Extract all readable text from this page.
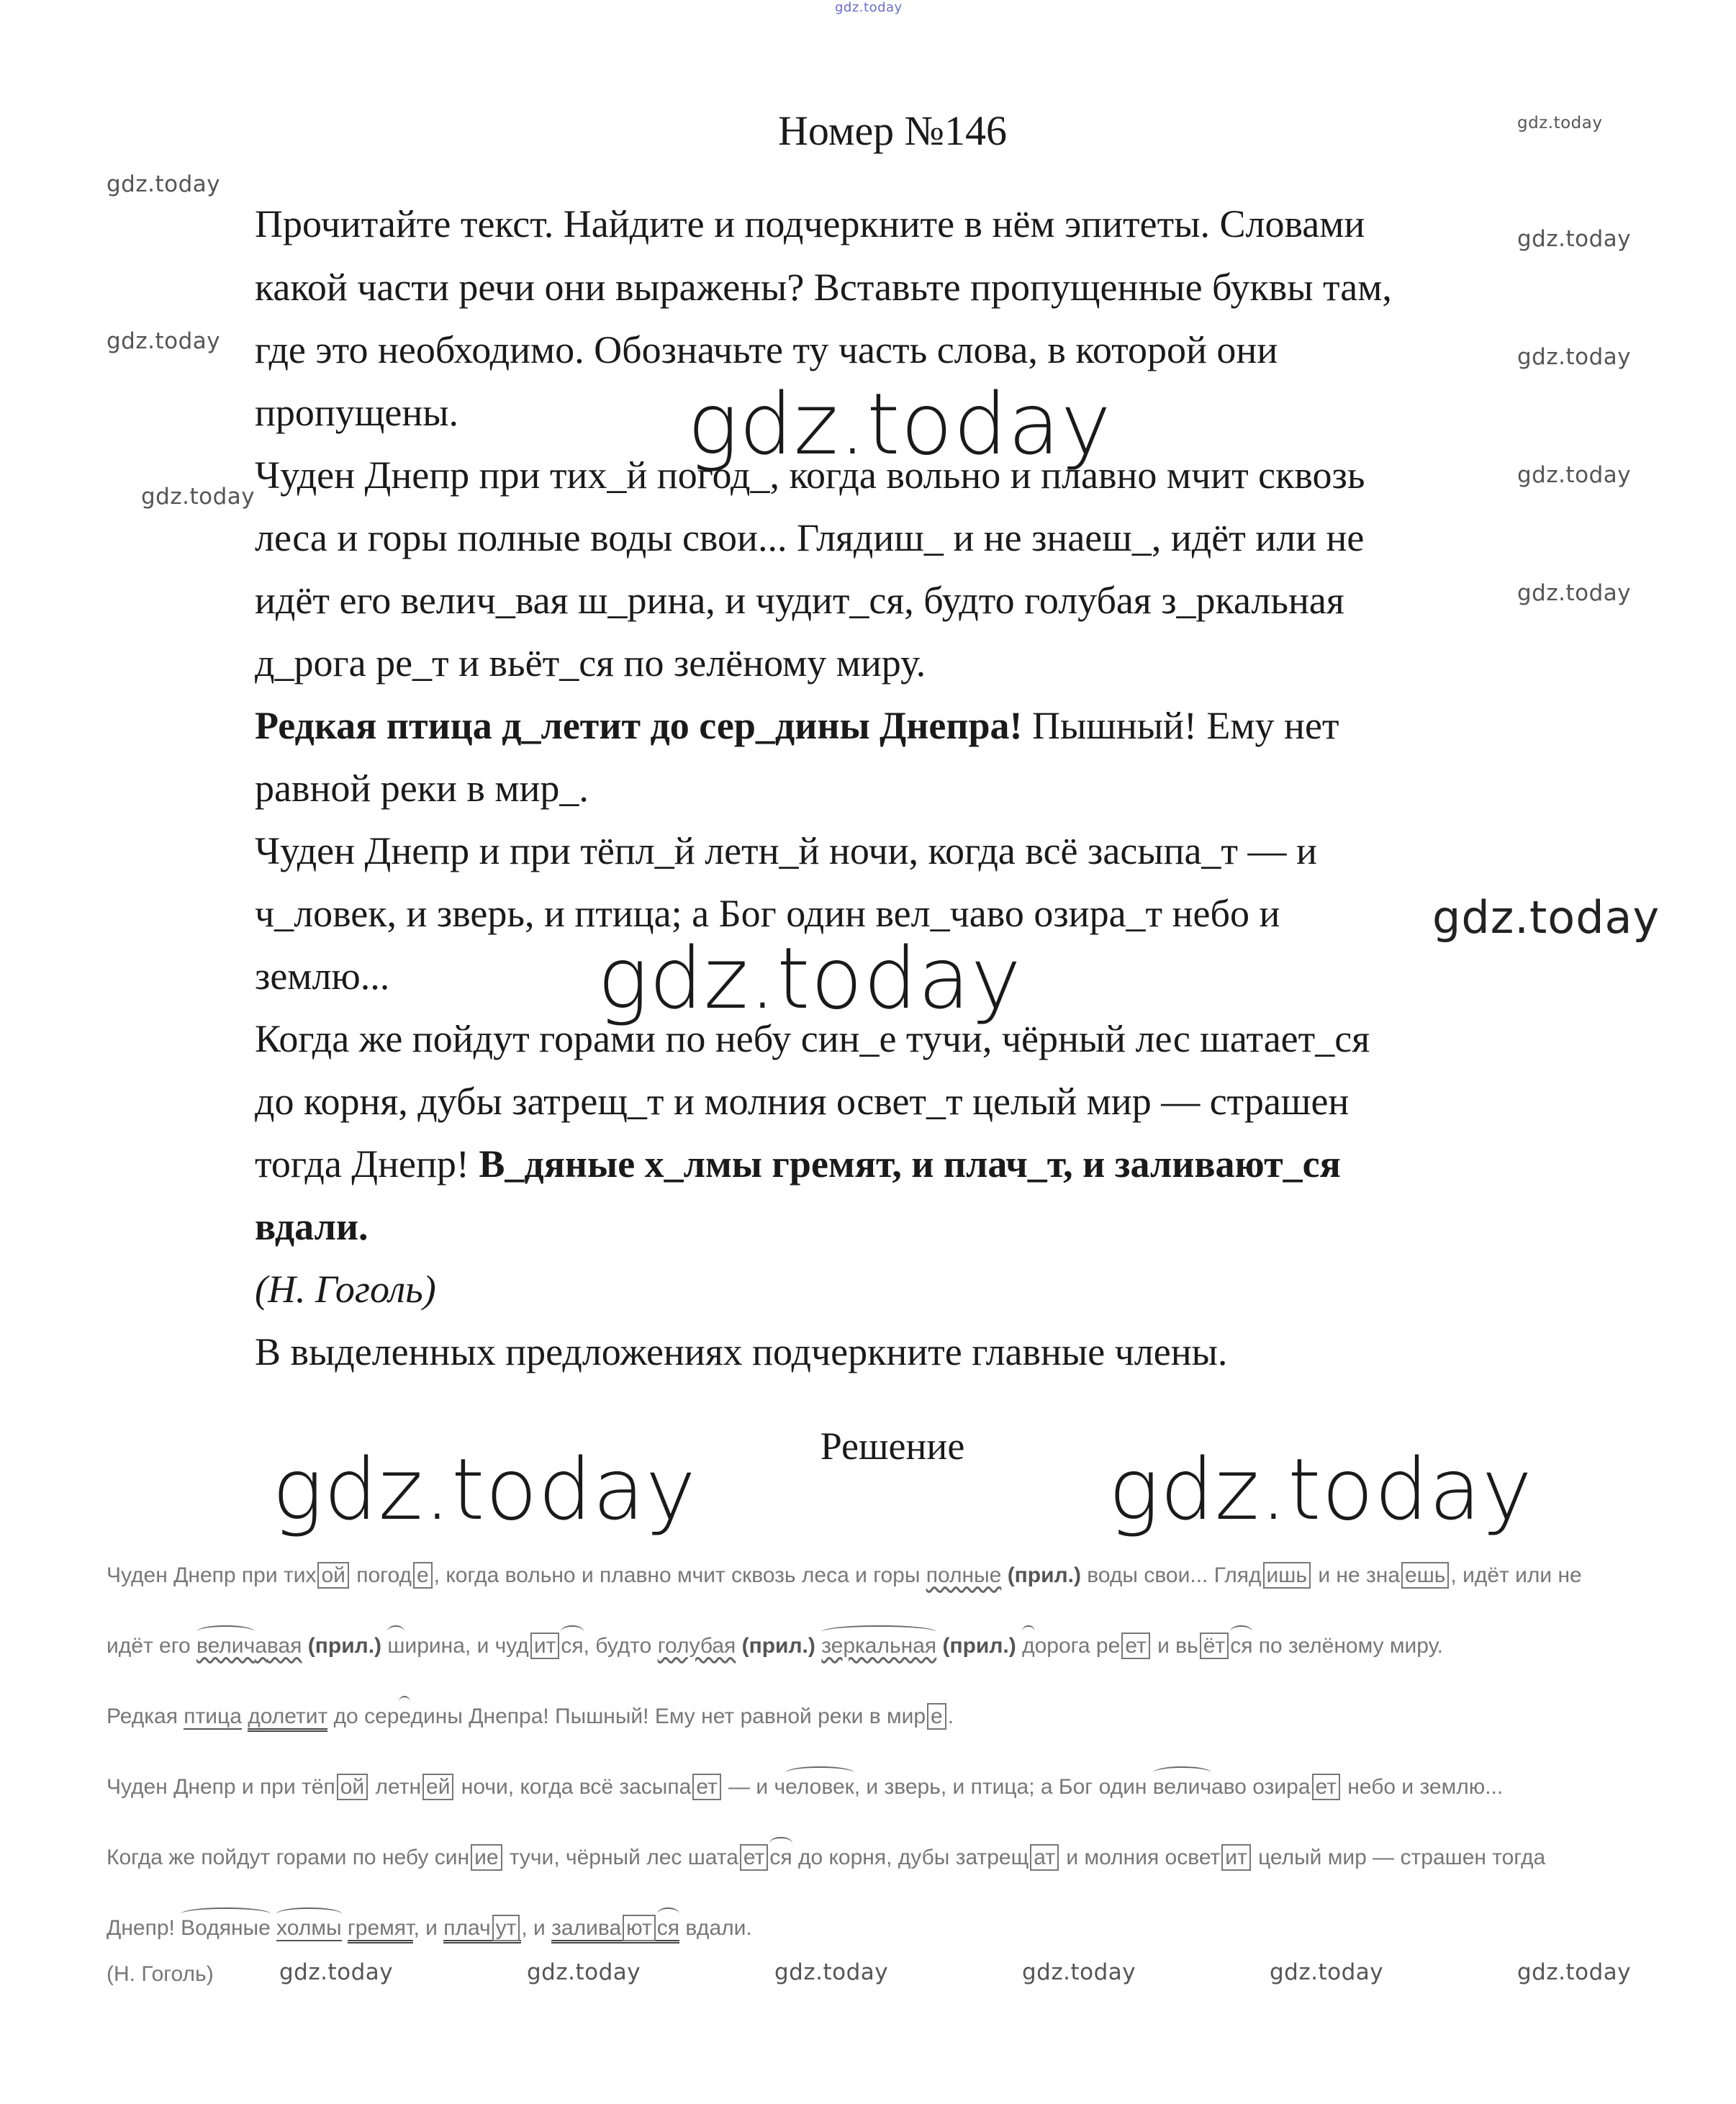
gdz.today
gdz.today
gdz.today
gdz.today
gdz.today
gdz.today
gdz.today
gdz.today
gdz.today
gdz.today
gdz.today
gdz.today
gdz.today	gdz.today
gdz.today	gdz.today	gdz.today	gdz.today	gdz.today	gdz.today
Номер №146
Прочитайте текст. Найдите и подчеркните в нём эпитеты. Словами
какой части речи они выражены? Вставьте пропущенные буквы там,
где это необходимо. Обозначьте ту часть слова, в которой они
пропущены.
Чуден Днепр при тих_й погод_, когда вольно и плавно мчит сквозь
леса и горы полные воды свои... Глядиш_ и не знаеш_, идёт или не
идёт его велич_вая ш_рина, и чудит_ся, будто голубая з_ркальная
д_рога ре_т и вьёт_ся по зелёному миру.
Редкая птица д_летит до сер_дины Днепра! Пышный! Ему нет
равной реки в мир_.
Чуден Днепр и при тёпл_й летн_й ночи, когда всё засыпа_т — и
ч_ловек, и зверь, и птица; а Бог один вел_чаво озира_т небо и
землю...
Когда же пойдут горами по небу син_е тучи, чёрный лес шатает_ся
до корня, дубы затрещ_т и молния освет_т целый мир — страшен
тогда Днепр! В_дяные х_лмы гремят, и плач_т, и заливают_ся
вдали.
(Н. Гоголь)
В выделенных предложениях подчеркните главные члены.
Решение
Чуден Днепр при тих ой погод е , когда вольно и плавно мчит сквозь леса и горы полные (прил.) воды свои... Гляд ишь и не зна ешь , идёт или не
идёт его величавая (прил.) ширина, и чуд ит ся, будто голубая (прил.) зеркальная (прил.) дорога ре ет и вь ёт ся по зелёному миру.
Редкая птица долетит до середины Днепра! Пышный! Ему нет равной реки в мир е .
Чуден Днепр и при тёп ой летн ей ночи, когда всё засыпа ет — и человек, и зверь, и птица; а Бог один величаво озира ет небо и землю...
Когда же пойдут горами по небу син ие тучи, чёрный лес шата ет ся до корня, дубы затрещ ат и молния освет ит целый мир — страшен тогда
Днепр! Водяные холмы гремят, и плач ут , и залива ют ся вдали.
(Н. Гоголь)
